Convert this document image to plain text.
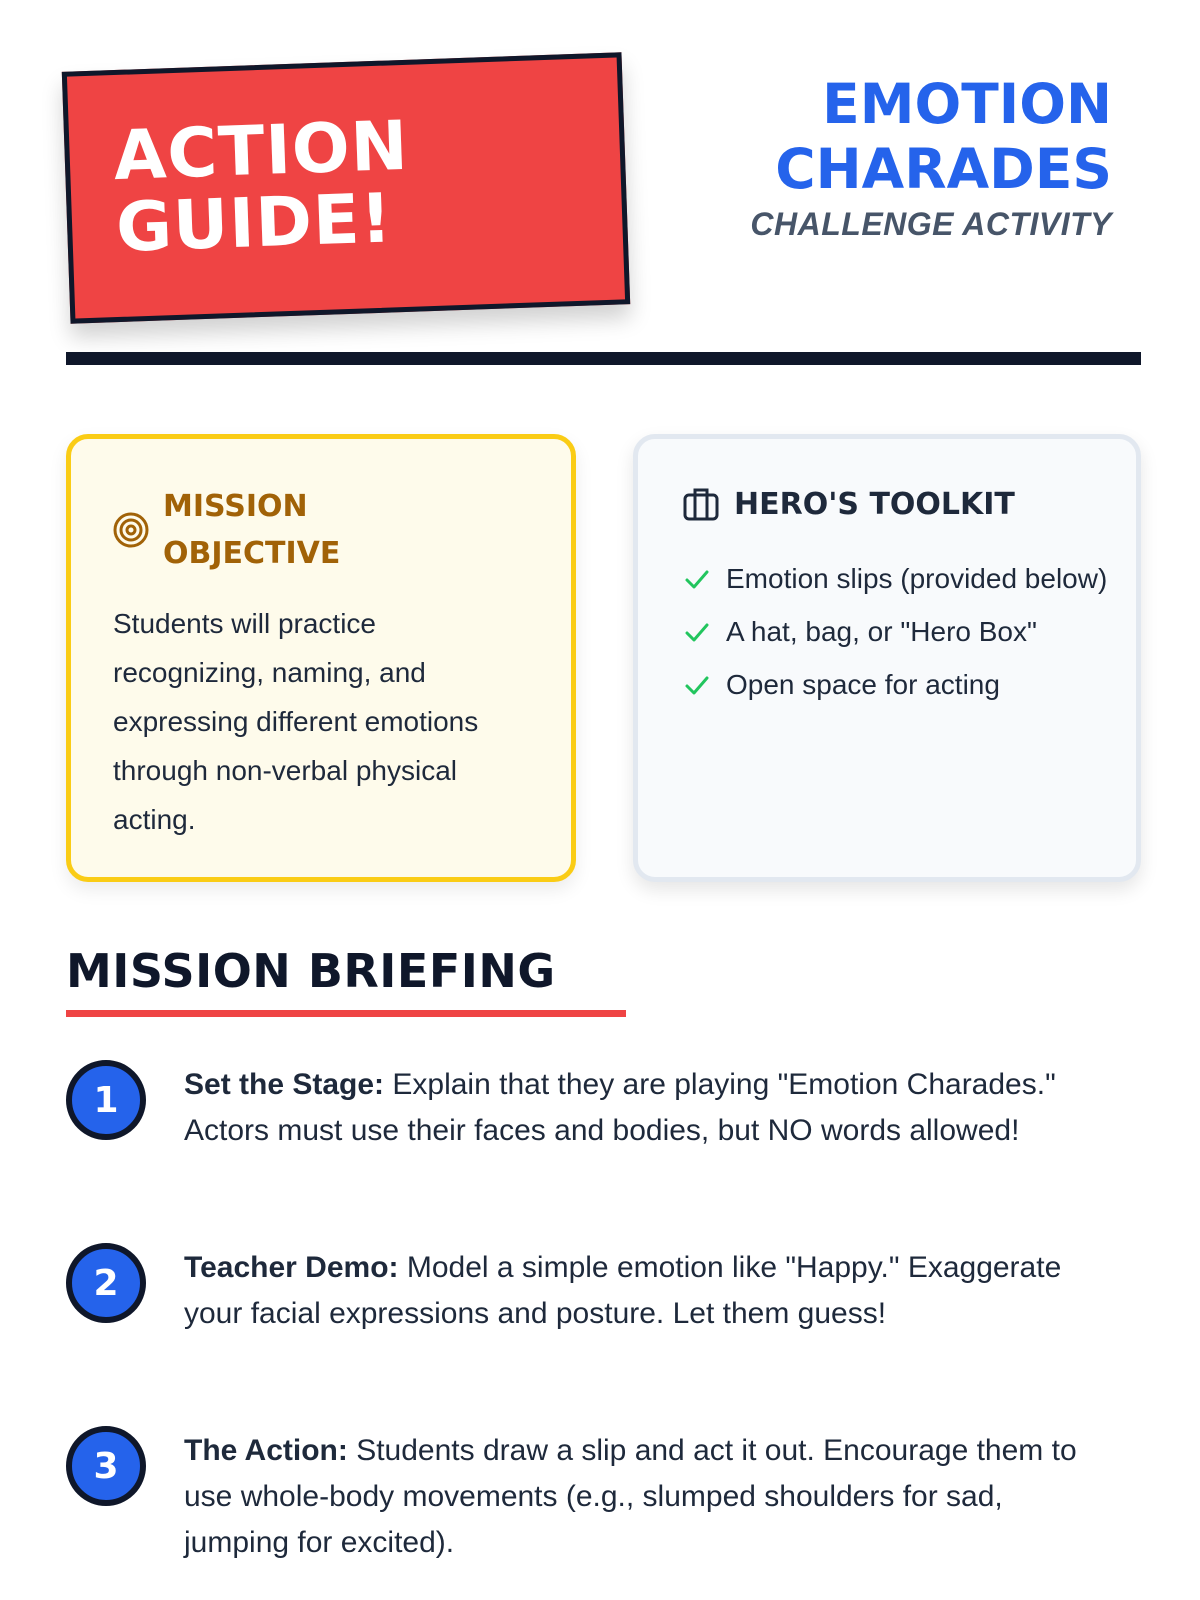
ACTION
GUIDE!
EMOTION
CHARADES
CHALLENGE ACTIVITY
MISSION
OBJECTIVE

Students will practice recognizing, naming, and expressing different emotions through non-verbal physical acting.

HERO'S TOOLKIT
Emotion slips (provided below)
A hat, bag, or "Hero Box"
Open space for acting
MISSION BRIEFING
1	Set the Stage: Explain that they are playing "Emotion Charades." Actors must use their faces and bodies, but NO words allowed!

2	Teacher Demo: Model a simple emotion like "Happy." Exaggerate your facial expressions and posture. Let them guess!

3	The Action: Students draw a slip and act it out. Encourage them to use whole-body movements (e.g., slumped shoulders for sad, jumping for excited).
